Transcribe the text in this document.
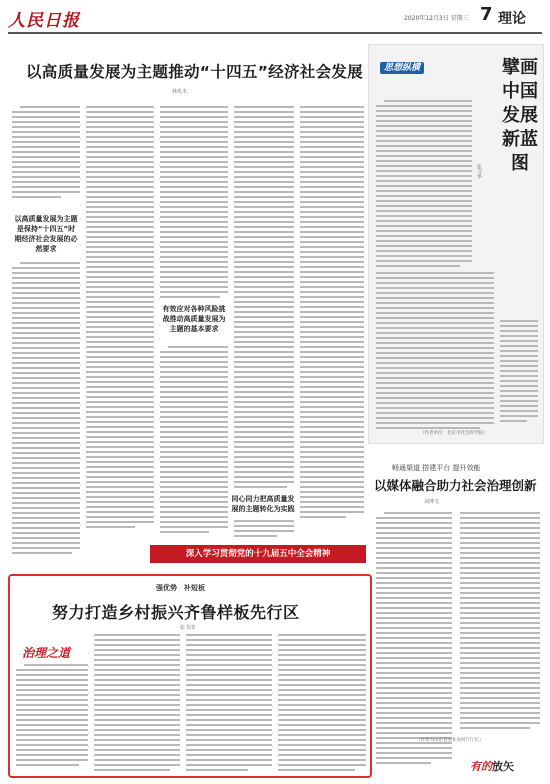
人民日报	2020年12月3日 星期三 7 理论
以高质量发展为主题推动“十四五”经济社会发展
林兆木
以高质量发展为主题是保持“十四五”时期经济社会发展的必然要求
有效应对各种风险挑战推动高质量发展为主题的基本要求
同心同力把高质量发展的主题转化为实践
思想纵横	擘画中国发展新蓝图
张守华
（作者单位：北京市社会科学院）
畅通渠道 搭建平台 提升效能
以媒体融合助力社会治理创新
刘博文
（作者为山东省农业农村厅厅长）
有的放矢
深入学习贯彻党的十九届五中全会精神
强优势　补短板
努力打造乡村振兴齐鲁样板先行区
张书清
治理之道
